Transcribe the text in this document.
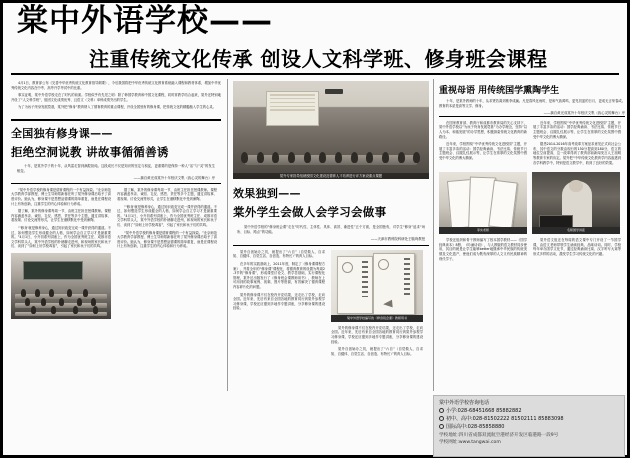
棠中外语学校——
注重传统文化传承 创设人文科学班、修身班会课程

4月1日，教育部公布《完善中华优秀传统文化教育指导纲要》，今后我国将把中华优秀传统文化教育系统融入课程和教材体系，增加中华优秀传统文化内容在中考、高考升学考试中的比重。

事实证明，棠中外语学校走在了时代的前面。学校似乎有先见之明：除了韩国学教育和中国文化课程，同时常教学结合起来，棠外还特别地开设了“人文科学班”，组团文化成绩优秀、且语文（文科）单科成绩突出的学生。

为了为孩子终身发展奠基，棠外把“修身”教育纳入了德育教育的重点课程，开设全国独有的修身课，把传统文化的精髓植入学生的心灵。

全国独有修身课——
拒绝空洞说教 讲故事循循善诱

十年，是棠外学子的十年，从风雷走智到满腔担纯。这段成长不仅是知识的坚定与积淀，更重要的是保持一种人“活”与“灵”的发生蜕变。

——摘自黄光成棠外十年校庆文集《致心灵的舞台》序

“棠中外语学校的修身课是德育课程的一个有益探索。”北京师范大学教育学部教授、博士生导师郑新蓉在听了棠外修身课后给予了高度评价。她认为，修身课不是思想品德课的简单重复，而是在课程设计上有所创新，注重学生的内心体验和行为养成。

据了解，棠外的修身课每周一节，由班主任担任授课教师。课程内容涵盖孝亲、诚信、礼仪、感恩、责任等多个主题，通过讲故事、看视频、讨论交流等形式，让学生在潜移默化中受到熏陶。

“‘修身’就是修养身心，通过知识改变完成一课并获得的通道。不过，如何塑造学生形成健全的人格，如何学会自立学习才是最重要的。”4月1日，小升初系列讲座上，作为全国优秀班主任、成都市语文学科带头人，棠中外语学校的朴就聊走进州，和现场的家长和孩子们、谈到了“如何上好学校毒害”，引起了家长和孩子们的共鸣。

据了解，棠外的修身课每周一节，由班主任担任授课教师。课程内容涵盖孝亲、诚信、礼仪、感恩、责任等多个主题，通过讲故事、看视频、讨论交流等形式，让学生在潜移默化中受到熏陶。

“‘修身’就是修养身心，通过知识改变完成一课并获得的通道。不过，如何塑造学生形成健全的人格，如何学会自立学习才是最重要的。”4月1日，小升初系列讲座上，作为全国优秀班主任、成都市语文学科带头人，棠中外语学校的朴就聊走进州，和现场的家长和孩子们、谈到了“如何上好学校毒害”，引起了家长和孩子们的共鸣。

“棠中外语学校的修身课是德育课程的一个有益探索。”北京师范大学教育学部教授、博士生导师郑新蓉在听了棠外修身课后给予了高度评价。她认为，修身课不是思想品德课的简单重复，而是在课程设计上有所创新，注重学生的内心体验和行为养成。

棠外专家指导组就校园文化建设及德育人才培养进行评方案设重点课题
效果独到——
棠外学生会做人会学习会做事

棠中外语学校的“修身班会课”走在“时代性、主体性、具体、高效、渐进性”五个方面，是全国独有，对学生“修身”追求“场所、目标、路点”的功能。

——天津市教科院科研处王毓珣教授

棠外自创始办之初，就提出了“六自”（自觉做人、自求知、自健体、自觉生活、自创造、有特长）”的育人目标。

在多年的实践基础上，2011年度，制定了《修身课课程方案》，并将全年的“修身课”课程化，将德育教育的设置为每周2-3节的“修身课”，形成课堂讨论文、教学答基础，实行课程化管理，棠外还出版发行了《修身班会课教师用书》，教师在上可用到的故事案例、视频、图片等资源，有效解决了德育课程内容碎片化的问题。

棠外的修身课不仅在校内开花结果，还走出了学校，走向全国。近年来，先后有来自全国各地的教育同行到棠外参观学习修身课，学校还应邀到多地作专题讲座，分享修身课的建设经验。

棠中外语学校编写的《修身班会课》教师用书

棠外的修身课不仅在校内开花结果，还走出了学校，走向全国。近年来，先后有来自全国各地的教育同行到棠外参观学习修身课，学校还应邀到多地作专题讲座，分享修身课的建设经验。

棠外自创始办之初，就提出了“六自”（自觉做人、自求知、自健体、自觉生活、自创造、有特长）”的育人目标。

重视母语 用传统国学熏陶学生

十年，是棠外教师的十年，从求贤若渴到桃李成蹊。凡是春风化雨时，是和气致鸿鸣，更见初蓝的日月，更成无言荣春或。教育的本质是高等文学、修身。

——摘自黄光成棠外十年校庆文集《致心灵的舞台》序

在国家教育部、教育厅和成都市教育局的关心支持下，棠中外语学校以“为孩子终身发展奠基”为办学理念，坚持“以人为本、和谐发展”的办学思想，积极探索传统文化教育的新路径。

近年来，学校围绕“中华优秀传统文化进校园”主题，开展了丰富多彩的活动：国学经典诵读、书法比赛、传统节日主题班会、汉服礼仪展示等，让学生在浓厚的文化氛围中感受中华文化的博大精深。

近年来，学校围绕“中华优秀传统文化进校园”主题，开展了丰富多彩的活动：国学经典诵读、书法比赛、传统节日主题班会、汉服礼仪展示等，让学生在浓厚的文化氛围中感受中华文化的博大精深。

据悉2014-2016年高考改革方案征求意见正式向社会公布，其中语文的分数由现行的150分提高到180分，语文的地位空前提高，这一改革得到了教育部前新闻发言人王旭明等教育专家的肯定。棠外把“中华传统文化教育学内容渗透到各学科教学中，特别是语文教学中，收到了良好的效果。

李实老师	名师国学讲座

学校还组织和骨干教师编写了校本国学教材——《国学经典读本》8册、《吟诵诗词》，与人教版的语文教材同步使用，其目的就是让学生能够better地继承中华民族的传统美德及文化遗产，使他们成为既有深厚的人文又有民族精神的现代学子。

棠外语文组还在每周的语文课中专门开设了一节国学课，由语文老师带领学生诵读经典、品味诗词。同时，学校每年举办国学文化节，通过经典诵读比赛、汉字听写大赛等形式多样的活动，激发学生学习传统文化的兴趣。

棠中外语学校咨询电话
小学:028-68451668 85882882
初中、高中:028-81502222 81502111 85883098
国际高中:028-85858880
学校地址:四川省成都双流航空港经济开发区临港路一段9号
学校网址:www.tangwai.com
